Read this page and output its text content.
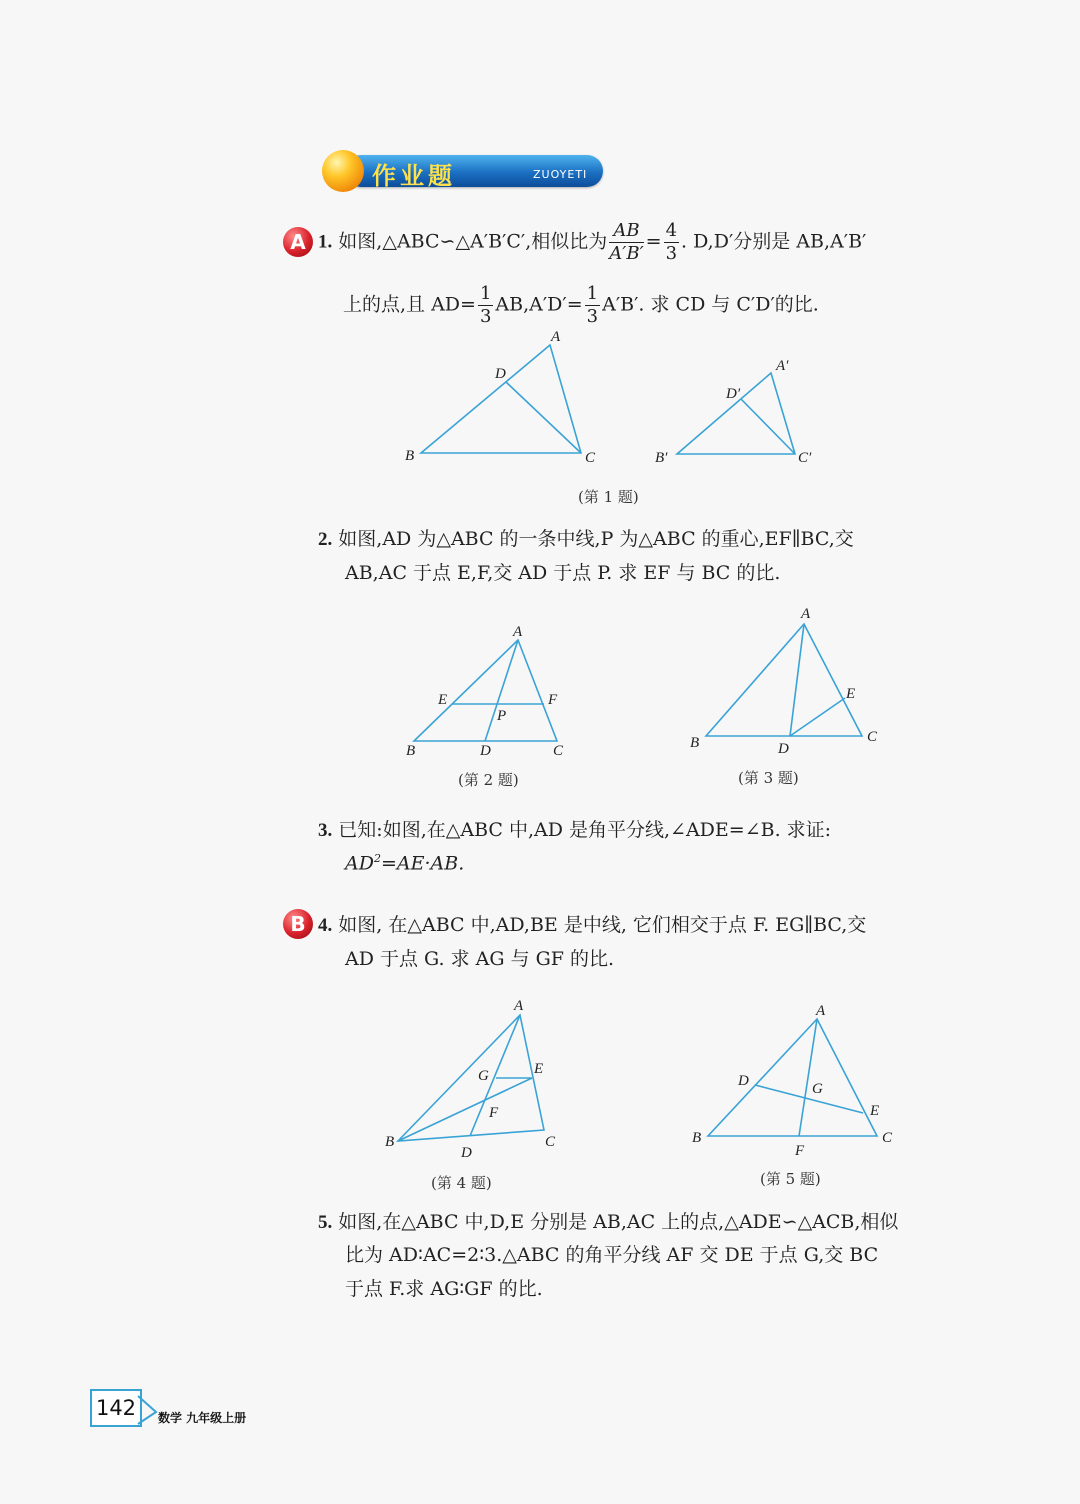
作业题	ZUOYETI
A 1. 如图,△ABC∽△A′B′C′,相似比为 $\frac{AB}{A'B'} = \frac{4}{3}$ . D,D′分别是 AB,A′B′
上的点,且 $AD= \frac{1}{3} AB,A'D'= \frac{1}{3} A'B'$. 求 CD 与 C′D′的比.
A
D
B	C
A′
D′
B′	C′
A
E	F
P
B	D	C
A
E
B	D
C
A
G	E
F
B
D
C
A
D	G
E
B
F
C
(第 1 题)
2. 如图,AD 为△ABC 的一条中线,P 为△ABC 的重心,EF∥BC,交
AB,AC 于点 E,F,交 AD 于点 P. 求 EF 与 BC 的比.
(第 2 题)	(第 3 题)
3. 已知:如图,在△ABC 中,AD 是角平分线,∠ADE=∠B. 求证:
$AD^2=AE\cdot AB$.
B 4. 如图, 在△ABC 中,AD,BE 是中线, 它们相交于点 F. EG∥BC,交
AD 于点 G. 求 AG 与 GF 的比.
(第 4 题)	(第 5 题)
5. 如图,在△ABC 中,D,E 分别是 AB,AC 上的点,△ADE∽△ACB,相似
比为 AD∶AC=2∶3.△ABC 的角平分线 AF 交 DE 于点 G,交 BC
于点 F.求 AG∶GF 的比.
142	数学 九年级上册
